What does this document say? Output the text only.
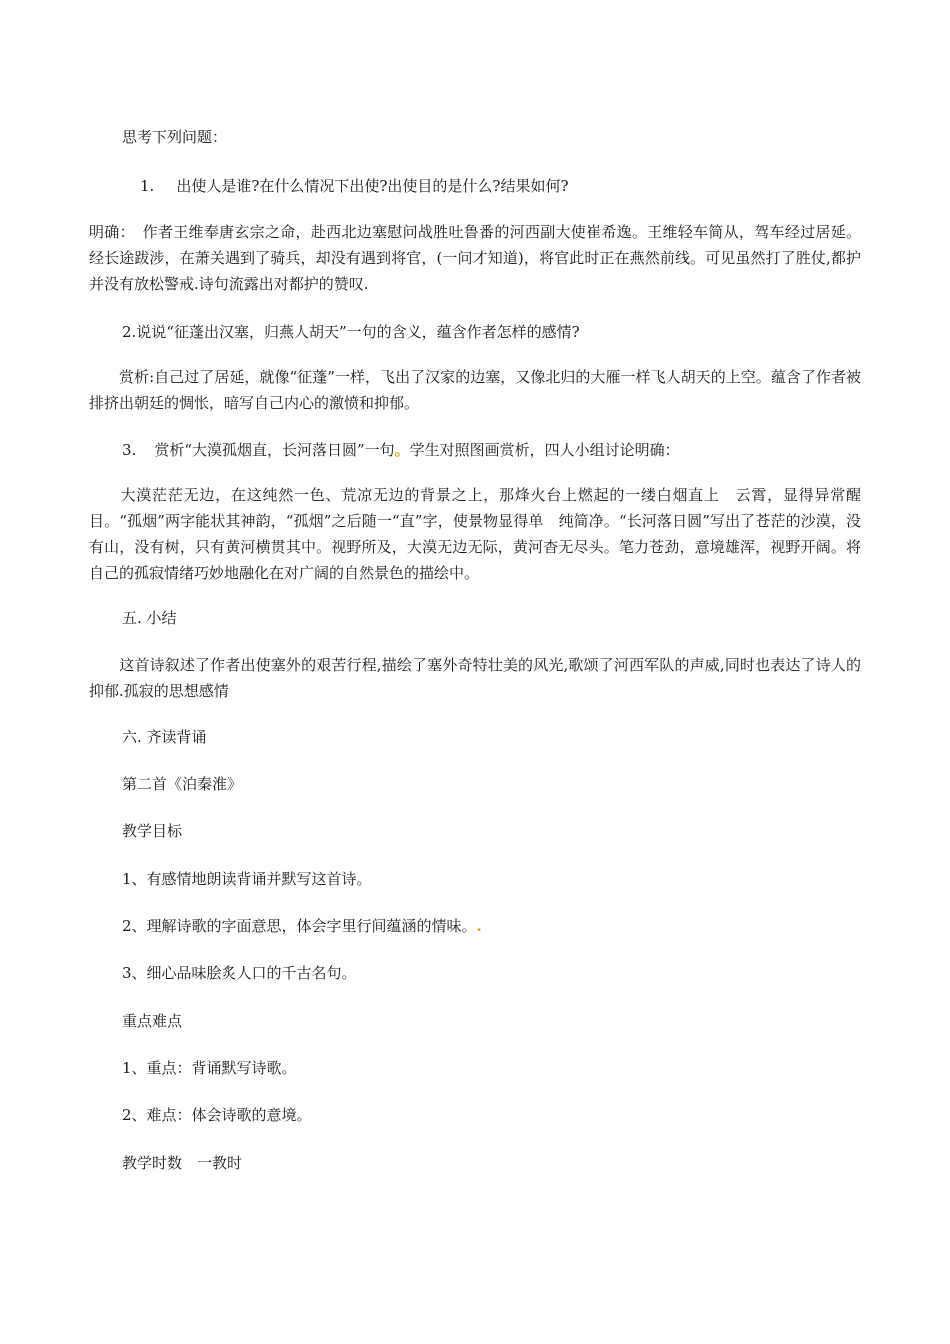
思考下列问题：

1. 出使人是谁?在什么情况下出使?出使目的是什么?结果如何?

明确：　作者王维奉唐玄宗之命，赴西北边塞慰问战胜吐鲁番的河西副大使崔希逸。王维轻车简从，驾车经过居延。经长途跋涉，在萧关遇到了骑兵，却没有遇到将官，(一问才知道)，将官此时正在燕然前线。可见虽然打了胜仗,都护并没有放松警戒.诗句流露出对都护的赞叹.

2.说说“征蓬出汉塞，归燕人胡天”一句的含义，蕴含作者怎样的感情?

　　赏析:自己过了居延，就像“征蓬”一样，飞出了汉家的边塞，又像北归的大雁一样飞人胡天的上空。蕴含了作者被排挤出朝廷的惆怅，暗写自己内心的激愤和抑郁。

3. 赏析“大漠孤烟直，长河落日圆”一句。学生对照图画赏析，四人小组讨论明确：

　　大漠茫茫无边，在这纯然一色、荒凉无边的背景之上，那烽火台上燃起的一缕白烟直上　云霄，显得异常醒目。“孤烟”两字能状其神韵，“孤烟”之后随一“直”字，使景物显得单　纯简净。“长河落日圆”写出了苍茫的沙漠，没有山，没有树，只有黄河横贯其中。视野所及，大漠无边无际，黄河杳无尽头。笔力苍劲，意境雄浑，视野开阔。将自己的孤寂情绪巧妙地融化在对广阔的自然景色的描绘中。

五. 小结

　　这首诗叙述了作者出使塞外的艰苦行程,描绘了塞外奇特壮美的风光,歌颂了河西军队的声威,同时也表达了诗人的抑郁.孤寂的思想感情

六. 齐读背诵

第二首《泊秦淮》

教学目标

1、有感情地朗读背诵并默写这首诗。

2、理解诗歌的字面意思，体会字里行间蕴涵的情味。.

3、细心品味脍炙人口的千古名句。

重点难点

1、重点：背诵默写诗歌。

2、难点：体会诗歌的意境。

教学时数　一教时
